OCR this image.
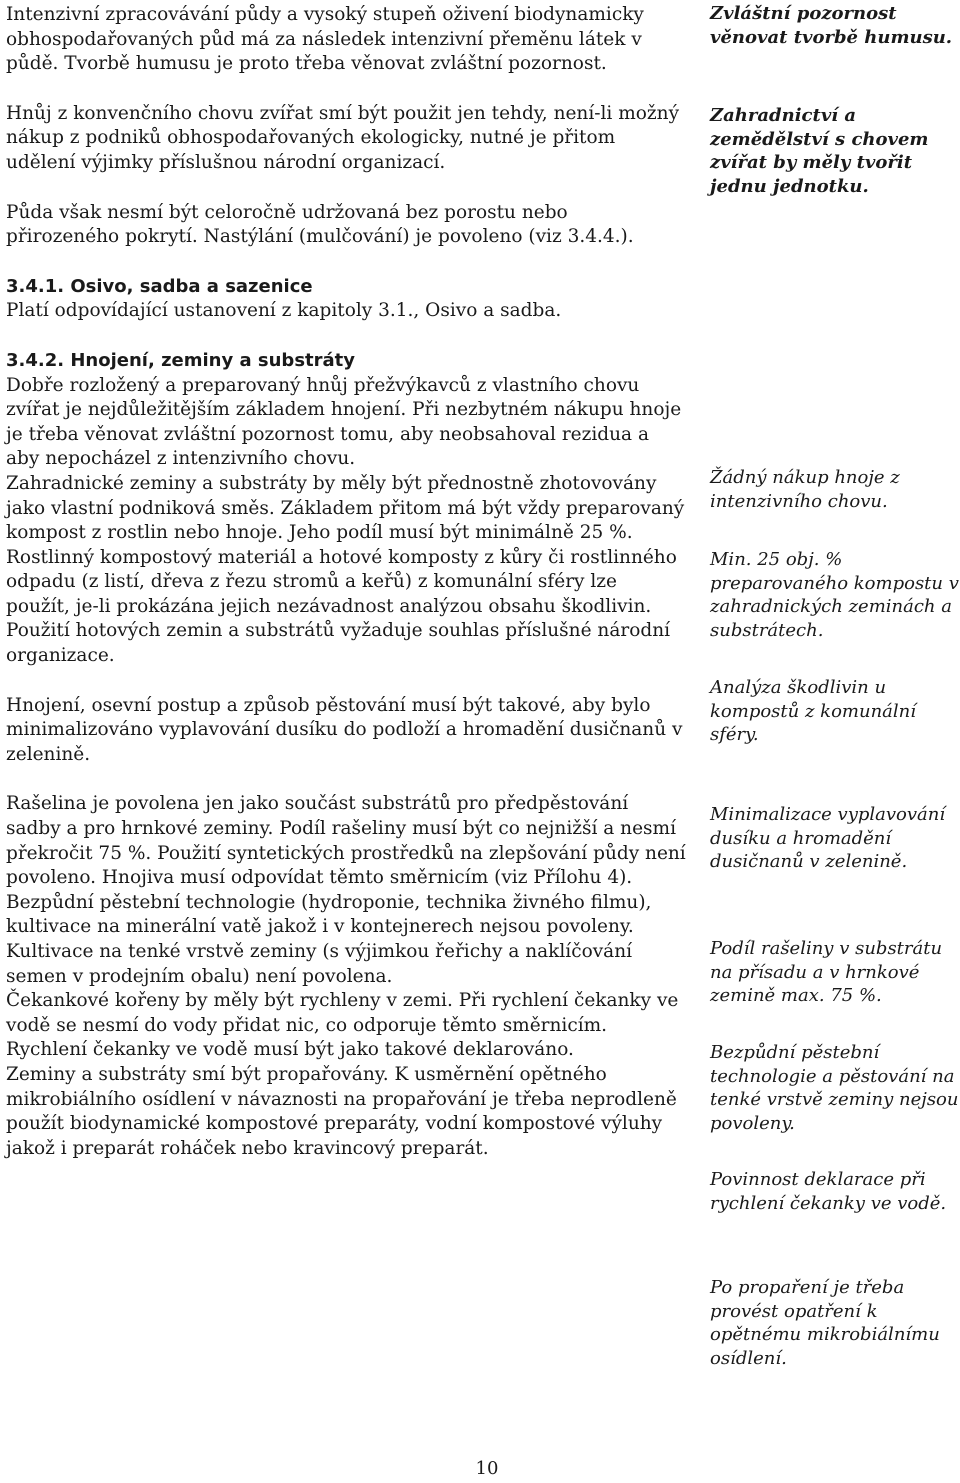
Intenzivní zpracovávání půdy a vysoký stupeň oživení biodynamicky obhospodařovaných půd má za následek intenzivní přeměnu látek v půdě. Tvorbě humusu je proto třeba věnovat zvláštní pozornost.

Hnůj z konvenčního chovu zvířat smí být použit jen tehdy, není-li možný nákup z podniků obhospodařovaných ekologicky, nutné je přitom udělení výjimky příslušnou národní organizací.

Půda však nesmí být celoročně udržovaná bez porostu nebo přirozeného pokrytí. Nastýlání (mulčování) je povoleno (viz 3.4.4.).

3.4.1. Osivo, sadba a sazenice

Platí odpovídající ustanovení z kapitoly 3.1., Osivo a sadba.

3.4.2. Hnojení, zeminy a substráty

Dobře rozložený a preparovaný hnůj přežvýkavců z vlastního chovu zvířat je nejdůležitějším základem hnojení. Při nezbytném nákupu hnoje je třeba věnovat zvláštní pozornost tomu, aby neobsahoval rezidua a aby nepocházel z intenzivního chovu.

Zahradnické zeminy a substráty by měly být přednostně zhotovovány jako vlastní podniková směs. Základem přitom má být vždy preparovaný kompost z rostlin nebo hnoje. Jeho podíl musí být minimálně 25 %.

Rostlinný kompostový materiál a hotové komposty z kůry či rostlinného odpadu (z listí, dřeva z řezu stromů a keřů) z komunální sféry lze použít, je-li prokázána jejich nezávadnost analýzou obsahu škodlivin. Použití hotových zemin a substrátů vyžaduje souhlas příslušné národní organizace.

Hnojení, osevní postup a způsob pěstování musí být takové, aby bylo minimalizováno vyplavování dusíku do podloží a hromadění dusičnanů v zelenině.

Rašelina je povolena jen jako součást substrátů pro předpěstování sadby a pro hrnkové zeminy. Podíl rašeliny musí být co nejnižší a nesmí překročit 75 %. Použití syntetických prostředků na zlepšování půdy není povoleno. Hnojiva musí odpovídat těmto směrnicím (viz Přílohu 4).

Bezpůdní pěstební technologie (hydroponie, technika živného filmu), kultivace na minerální vatě jakož i v kontejnerech nejsou povoleny. Kultivace na tenké vrstvě zeminy (s výjimkou řeřichy a naklíčování semen v prodejním obalu) není povolena.

Čekankové kořeny by měly být rychleny v zemi. Při rychlení čekanky ve vodě se nesmí do vody přidat nic, co odporuje těmto směrnicím. Rychlení čekanky ve vodě musí být jako takové deklarováno.

Zeminy a substráty smí být propařovány. K usměrnění opětného mikrobiálního osídlení v návaznosti na propařování je třeba neprodleně použít biodynamické kompostové preparáty, vodní kompostové výluhy jakož i preparát roháček nebo kravincový preparát.

Zvláštní pozornost věnovat tvorbě humusu.

Zahradnictví a zemědělství s chovem zvířat by měly tvořit jednu jednotku.

Žádný nákup hnoje z intenzivního chovu.

Min. 25 obj. % preparovaného kompostu v zahradnických zeminách a substrátech.

Analýza škodlivin u kompostů z komunální sféry.

Minimalizace vyplavování dusíku a hromadění dusičnanů v zelenině.

Podíl rašeliny v substrátu na přísadu a v hrnkové zemině max. 75 %.

Bezpůdní pěstební technologie a pěstování na tenké vrstvě zeminy nejsou povoleny.

Povinnost deklarace při rychlení čekanky ve vodě.

Po propaření je třeba provést opatření k opětnému mikrobiálnímu osídlení.

10
